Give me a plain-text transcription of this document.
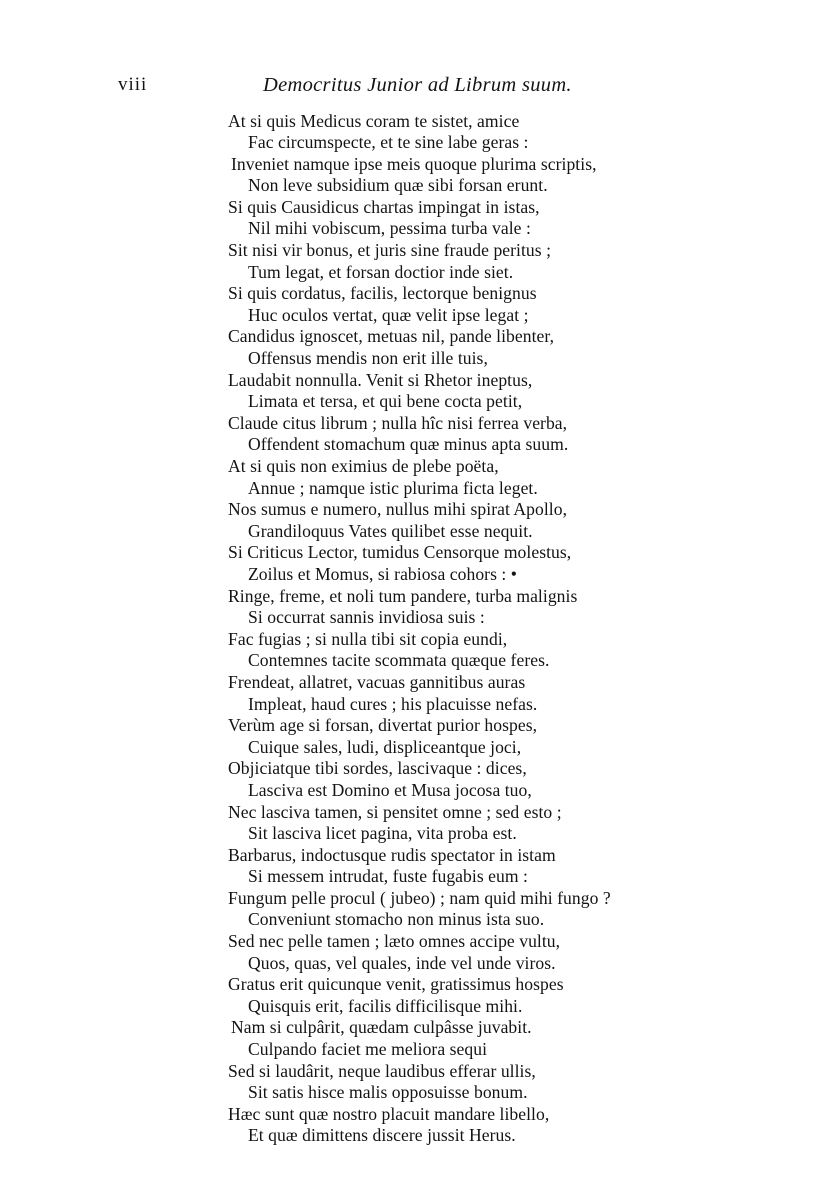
viii	Democritus Junior ad Librum suum.
At si quis Medicus coram te sistet, amice
Fac circumspecte, et te sine labe geras :
Inveniet namque ipse meis quoque plurima scriptis,
Non leve subsidium quæ sibi forsan erunt.
Si quis Causidicus chartas impingat in istas,
Nil mihi vobiscum, pessima turba vale :
Sit nisi vir bonus, et juris sine fraude peritus ;
Tum legat, et forsan doctior inde siet.
Si quis cordatus, facilis, lectorque benignus
Huc oculos vertat, quæ velit ipse legat ;
Candidus ignoscet, metuas nil, pande libenter,
Offensus mendis non erit ille tuis,
Laudabit nonnulla. Venit si Rhetor ineptus,
Limata et tersa, et qui bene cocta petit,
Claude citus librum ; nulla hîc nisi ferrea verba,
Offendent stomachum quæ minus apta suum.
At si quis non eximius de plebe poëta,
Annue ; namque istic plurima ficta leget.
Nos sumus e numero, nullus mihi spirat Apollo,
Grandiloquus Vates quilibet esse nequit.
Si Criticus Lector, tumidus Censorque molestus,
Zoilus et Momus, si rabiosa cohors : •
Ringe, freme, et noli tum pandere, turba malignis
Si occurrat sannis invidiosa suis :
Fac fugias ; si nulla tibi sit copia eundi,
Contemnes tacite scommata quæque feres.
Frendeat, allatret, vacuas gannitibus auras
Impleat, haud cures ; his placuisse nefas.
Verùm age si forsan, divertat purior hospes,
Cuique sales, ludi, displiceantque joci,
Objiciatque tibi sordes, lascivaque : dices,
Lasciva est Domino et Musa jocosa tuo,
Nec lasciva tamen, si pensitet omne ; sed esto ;
Sit lasciva licet pagina, vita proba est.
Barbarus, indoctusque rudis spectator in istam
Si messem intrudat, fuste fugabis eum :
Fungum pelle procul ( jubeo) ; nam quid mihi fungo ?
Conveniunt stomacho non minus ista suo.
Sed nec pelle tamen ; læto omnes accipe vultu,
Quos, quas, vel quales, inde vel unde viros.
Gratus erit quicunque venit, gratissimus hospes
Quisquis erit, facilis difficilisque mihi.
Nam si culpârit, quædam culpâsse juvabit.
Culpando faciet me meliora sequi
Sed si laudârit, neque laudibus efferar ullis,
Sit satis hisce malis opposuisse bonum.
Hæc sunt quæ nostro placuit mandare libello,
Et quæ dimittens discere jussit Herus.
